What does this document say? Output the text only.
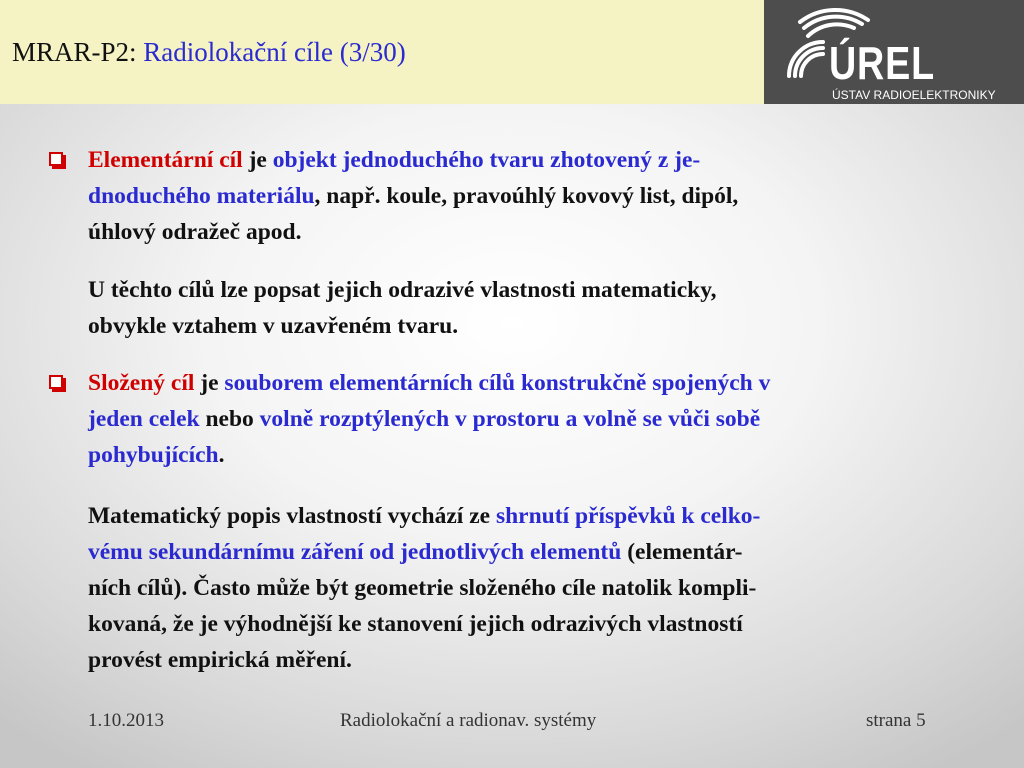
MRAR-P2: Radiolokační cíle (3/30)	ÚREL
ÚSTAV RADIOELEKTRONIKY

Elementární cíl je objekt jednoduchého tvaru zhotovený z je-
dnoduchého materiálu, např. koule, pravoúhlý kovový list, dipól,
úhlový odražeč apod.

U těchto cílů lze popsat jejich odrazivé vlastnosti matematicky,
obvykle vztahem v uzavřeném tvaru.

Složený cíl je souborem elementárních cílů konstrukčně spojených v
jeden celek nebo volně rozptýlených v prostoru a volně se vůči sobě
pohybujících.

Matematický popis vlastností vychází ze shrnutí příspěvků k celko-
vému sekundárnímu záření od jednotlivých elementů (elementár-
ních cílů). Často může být geometrie složeného cíle natolik kompli-
kovaná, že je výhodnější ke stanovení jejich odrazivých vlastností
provést empirická měření.

1.10.2013	Radiolokační a radionav. systémy	strana 5
